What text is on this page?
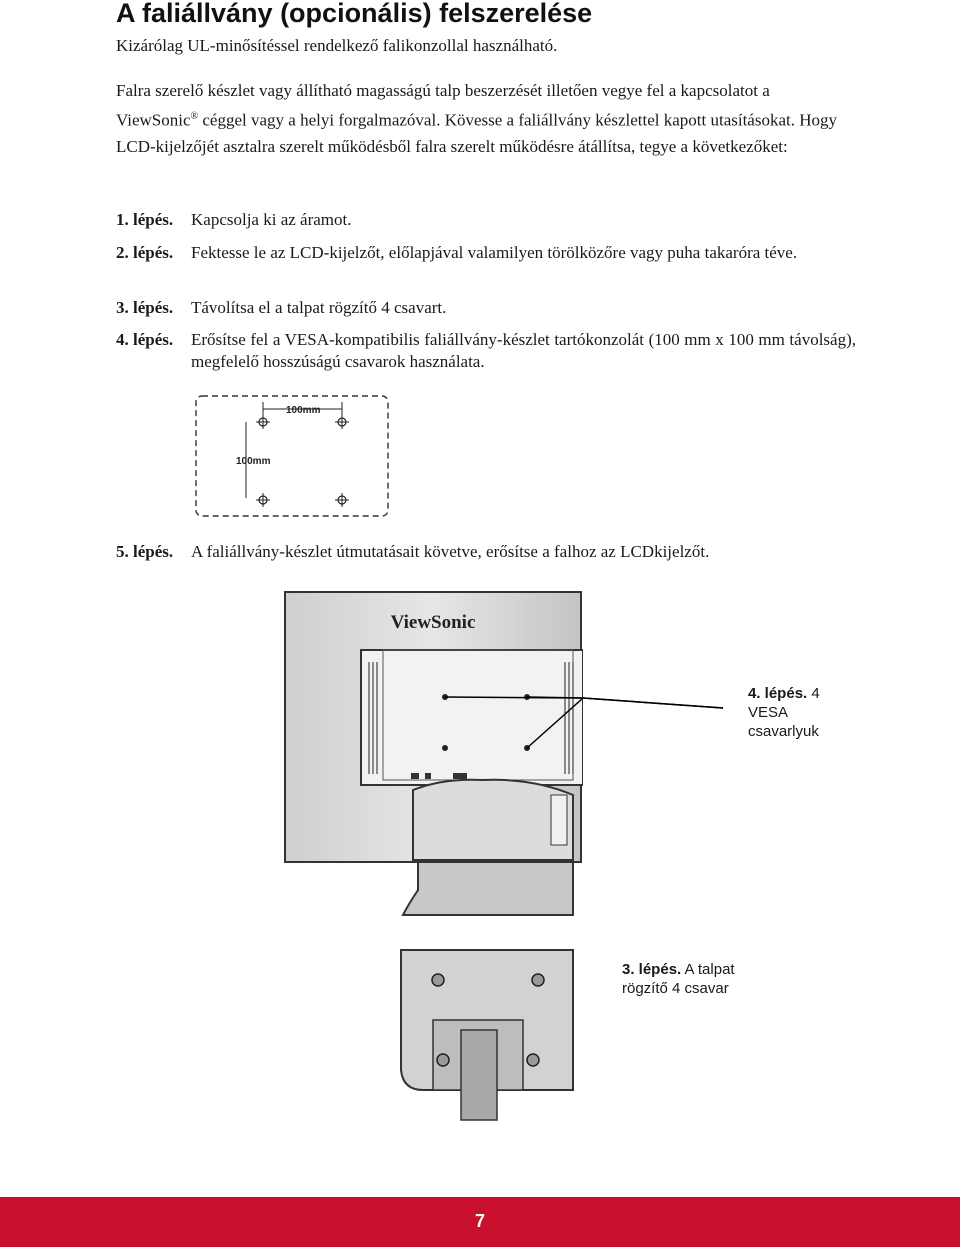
A faliállvány (opcionális) felszerelése

Kizárólag UL-minősítéssel rendelkező falikonzollal használható.

Falra szerelő készlet vagy állítható magasságú talp beszerzését illetően vegye fel a kapcsolatot a ViewSonic® céggel vagy a helyi forgalmazóval. Kövesse a faliállvány készlettel kapott utasításokat. Hogy LCD-kijelzőjét asztalra szerelt működésből falra szerelt működésre átállítsa, tegye a következőket:

1. lépés. Kapcsolja ki az áramot.
2. lépés. Fektesse le az LCD-kijelzőt, előlapjával valamilyen törölközőre vagy puha takaróra téve.
3. lépés. Távolítsa el a talpat rögzítő 4 csavart.
4. lépés. Erősítse fel a VESA-kompatibilis faliállvány-készlet tartókonzolát (100 mm x 100 mm távolság), megfelelő hosszúságú csavarok használata.
100mm
100mm
5. lépés. A faliállvány-készlet útmutatásait követve, erősítse a falhoz az LCDkijelzőt.
ViewSonic
4. lépés. 4
VESA
csavarlyuk
3. lépés. A talpat
rögzítő 4 csavar
7
